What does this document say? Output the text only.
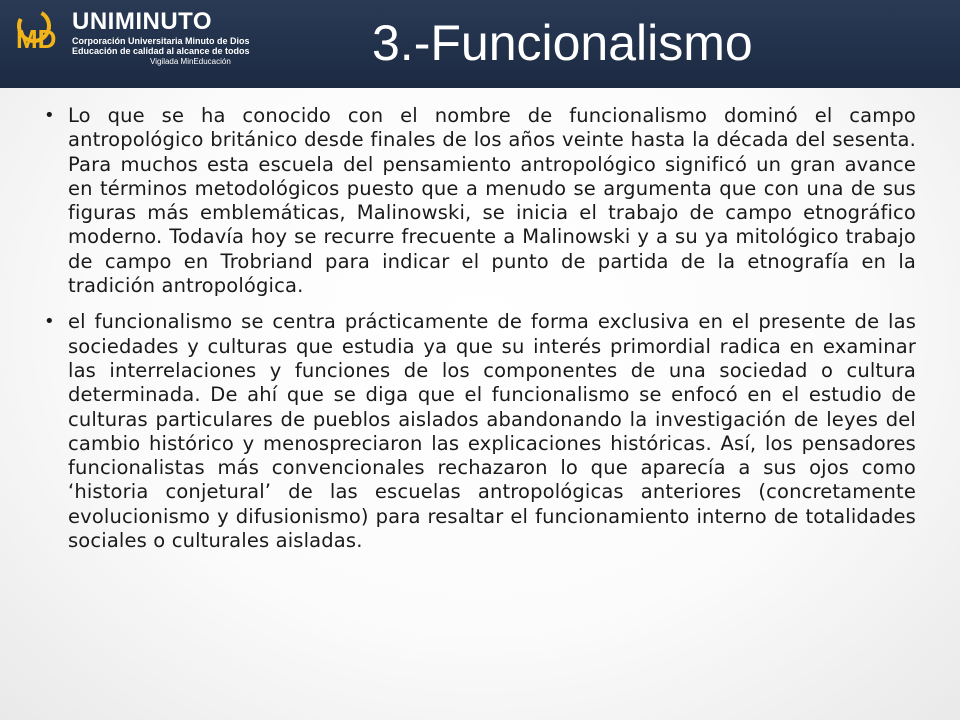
MD
UNIMINUTO
Corporación Universitaria Minuto de Dios
Educación de calidad al alcance de todos
Vigilada MinEducación	3.-Funcionalismo
• Lo que se ha conocido con el nombre de funcionalismo dominó el campo antropológico británico desde finales de los años veinte hasta la década del sesenta. Para muchos esta escuela del pensamiento antropológico significó un gran avance en términos metodológicos puesto que a menudo se argumenta que con una de sus figuras más emblemáticas, Malinowski, se inicia el trabajo de campo etnográfico moderno. Todavía hoy se recurre frecuente a Malinowski y a su ya mitológico trabajo de campo en Trobriand para indicar el punto de partida de la etnografía en la tradición antropológica.
• el funcionalismo se centra prácticamente de forma exclusiva en el presente de las sociedades y culturas que estudia ya que su interés primordial radica en examinar las interrelaciones y funciones de los componentes de una sociedad o cultura determinada. De ahí que se diga que el funcionalismo se enfocó en el estudio de culturas particulares de pueblos aislados abandonando la investigación de leyes del cambio histórico y menospreciaron las explicaciones históricas. Así, los pensadores funcionalistas más convencionales rechazaron lo que aparecía a sus ojos como ‘historia conjetural’ de las escuelas antropológicas anteriores (concretamente evolucionismo y difusionismo) para resaltar el funcionamiento interno de totalidades sociales o culturales aisladas.
